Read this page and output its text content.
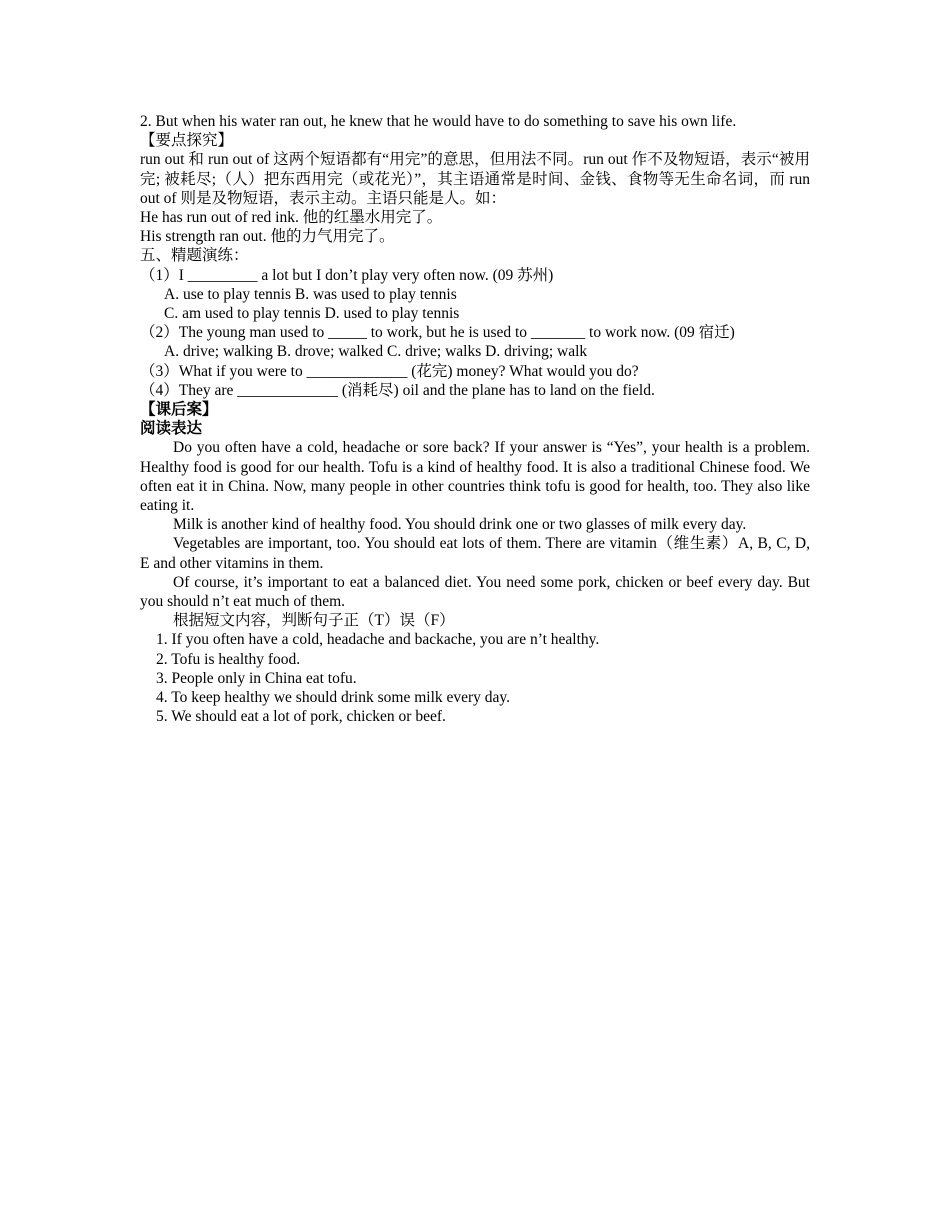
2. But when his water ran out, he knew that he would have to do something to save his own life.
【要点探究】
run out 和 run out of 这两个短语都有“用完”的意思，但用法不同。run out 作不及物短语，表示“被用完; 被耗尽;（人）把东西用完（或花光）”，其主语通常是时间、金钱、食物等无生命名词，而 run out of 则是及物短语，表示主动。主语只能是人。如：
He has run out of red ink. 他的红墨水用完了。
His strength ran out. 他的力气用完了。
五、精题演练：
（1）I _________ a lot but I don’t play very often now. (09 苏州)
A. use to play tennis B. was used to play tennis
C. am used to play tennis D. used to play tennis
（2）The young man used to _____ to work, but he is used to _______ to work now. (09 宿迁)
A. drive; walking B. drove; walked C. drive; walks D. driving; walk
（3）What if you were to _____________ (花完) money? What would you do?
（4）They are _____________ (消耗尽) oil and the plane has to land on the field.
【课后案】
阅读表达
Do you often have a cold, headache or sore back? If your answer is “Yes”, your health is a problem. Healthy food is good for our health. Tofu is a kind of healthy food. It is also a traditional Chinese food. We often eat it in China. Now, many people in other countries think tofu is good for health, too. They also like eating it.
Milk is another kind of healthy food. You should drink one or two glasses of milk every day.
Vegetables are important, too. You should eat lots of them. There are vitamin（维生素）A, B, C, D, E and other vitamins in them.
Of course, it’s important to eat a balanced diet. You need some pork, chicken or beef every day. But you should n’t eat much of them.
根据短文内容，判断句子正（T）误（F）
1. If you often have a cold, headache and backache, you are n’t healthy.
2. Tofu is healthy food.
3. People only in China eat tofu.
4. To keep healthy we should drink some milk every day.
5. We should eat a lot of pork, chicken or beef.
